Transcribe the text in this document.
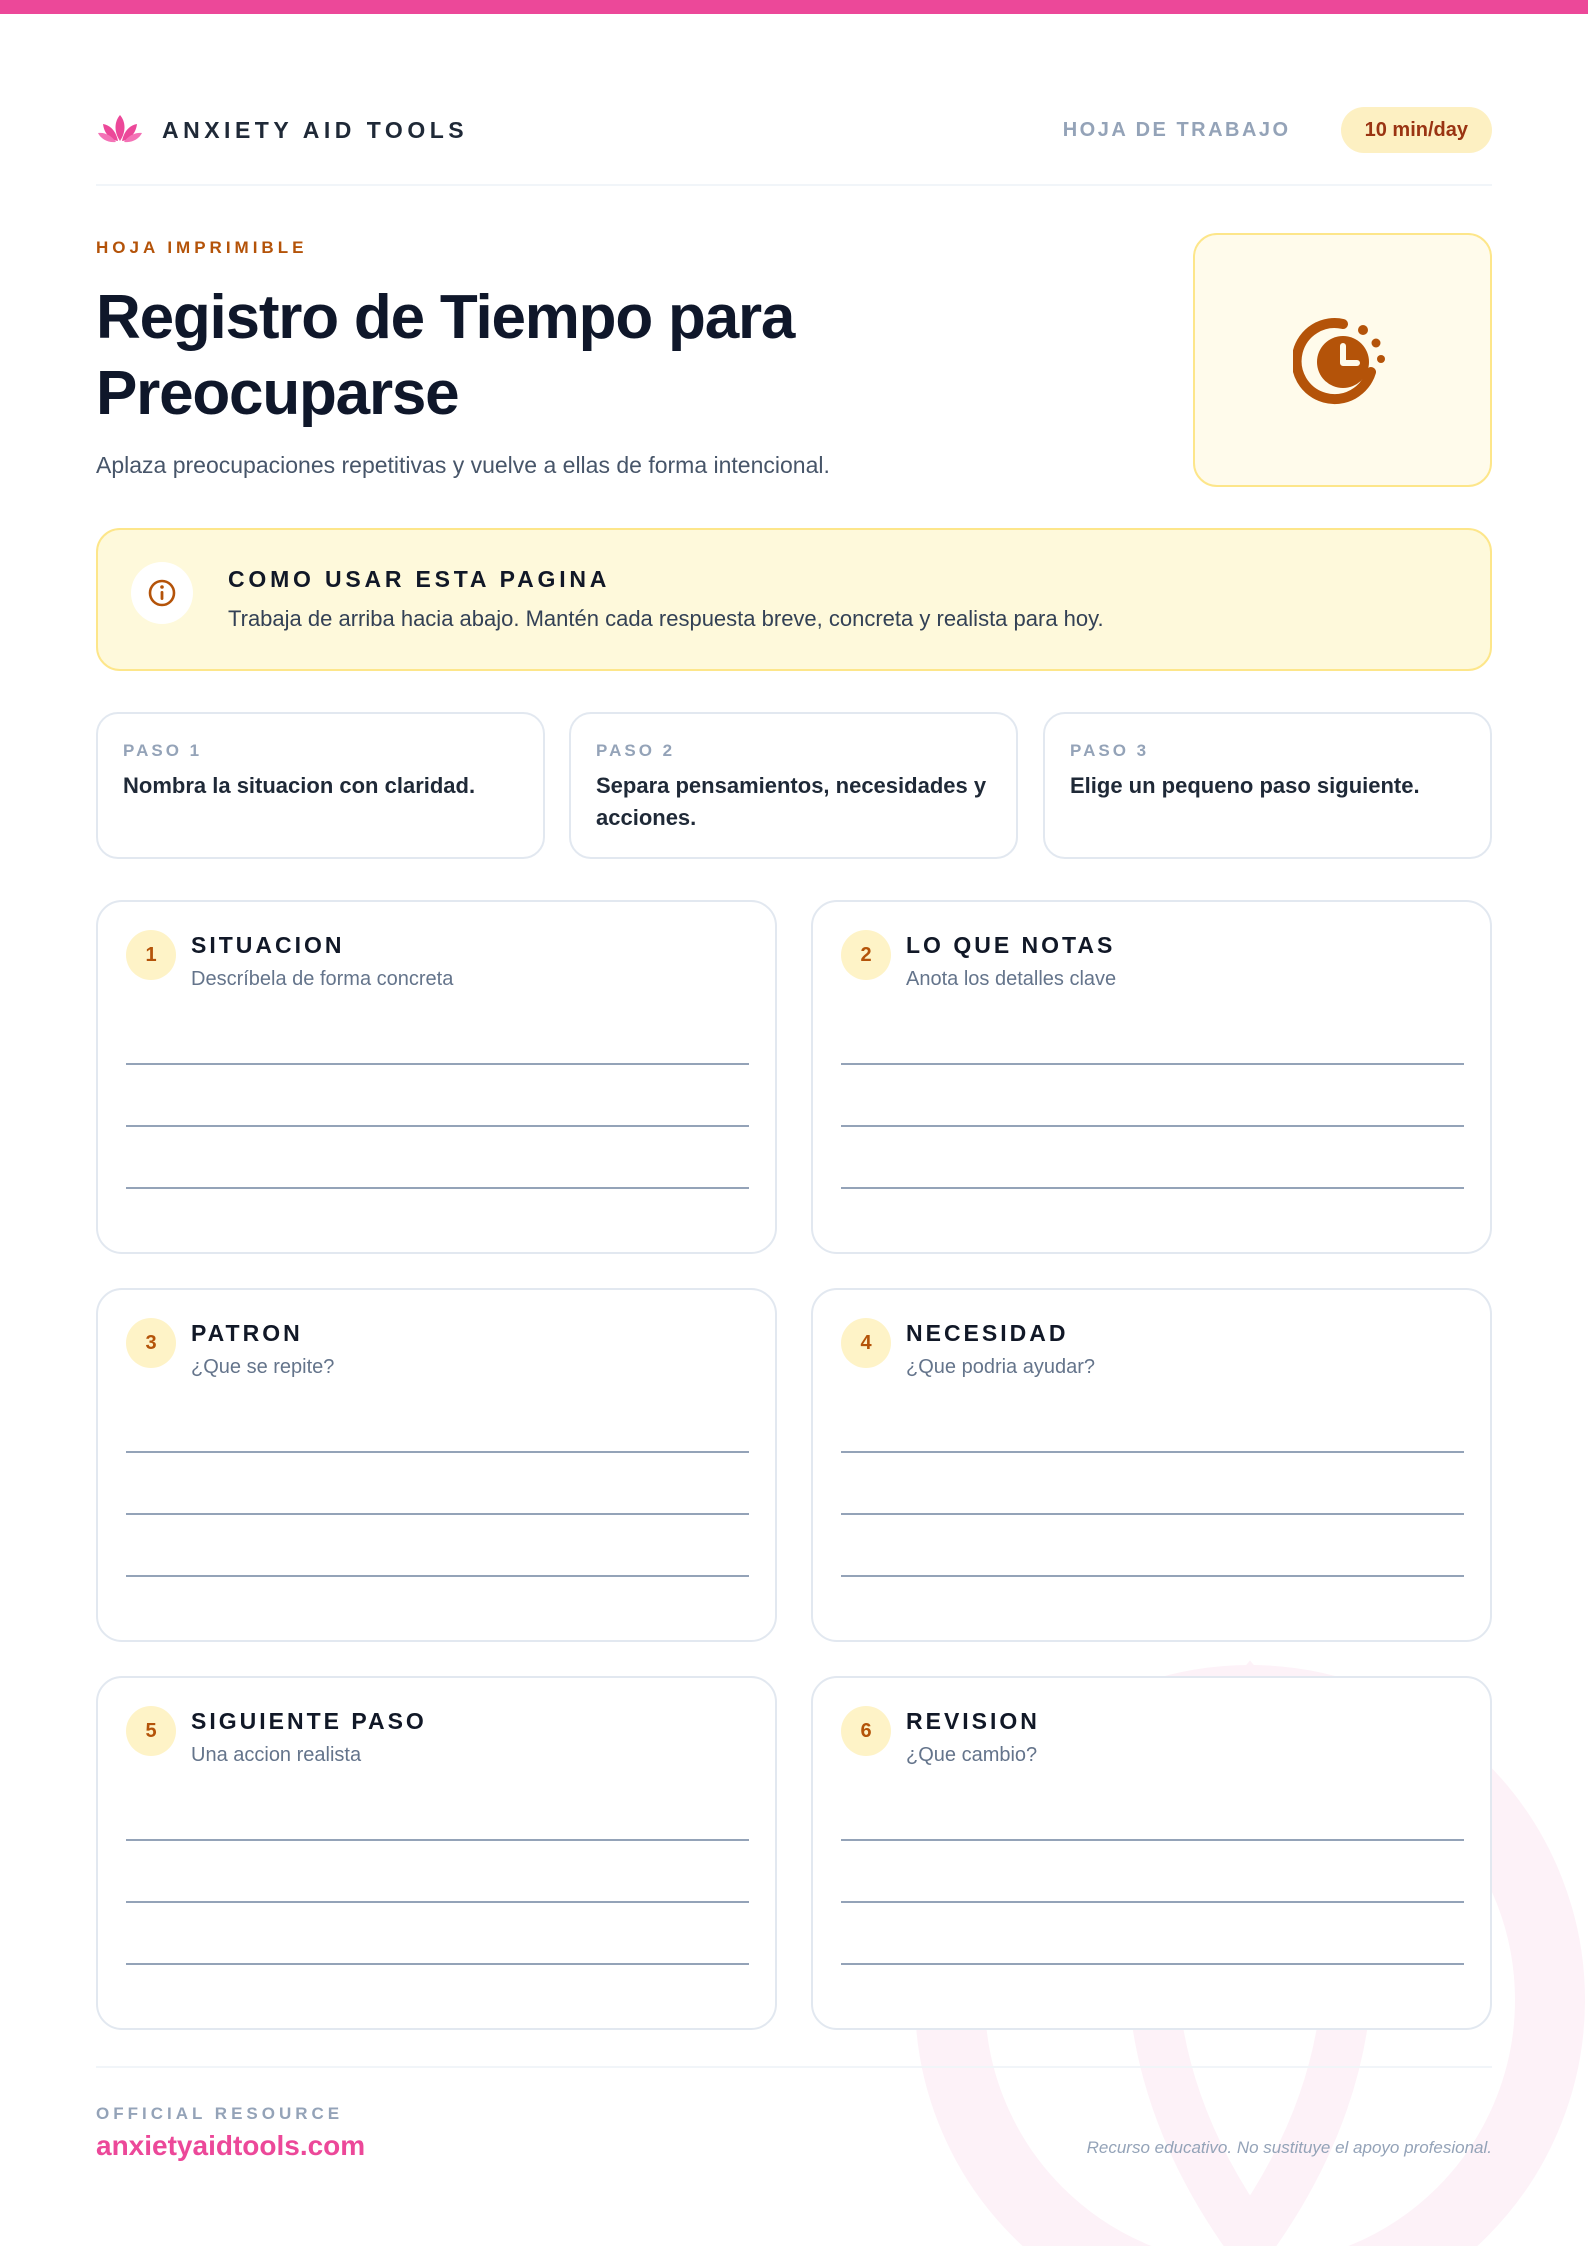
ANXIETY AID TOOLS	HOJA DE TRABAJO	10 min/day
HOJA IMPRIMIBLE
Registro de Tiempo para Preocuparse

Aplaza preocupaciones repetitivas y vuelve a ellas de forma intencional.

COMO USAR ESTA PAGINA
Trabaja de arriba hacia abajo. Mantén cada respuesta breve, concreta y realista para hoy.
PASO 1
Nombra la situacion con claridad.
PASO 2
Separa pensamientos, necesidades y acciones.
PASO 3
Elige un pequeno paso siguiente.
1	SITUACION
Descríbela de forma concreta
2	LO QUE NOTAS
Anota los detalles clave
3	PATRON
¿Que se repite?
4	NECESIDAD
¿Que podria ayudar?
5	SIGUIENTE PASO
Una accion realista
6	REVISION
¿Que cambio?
OFFICIAL RESOURCE
anxietyaidtools.com	Recurso educativo. No sustituye el apoyo profesional.
